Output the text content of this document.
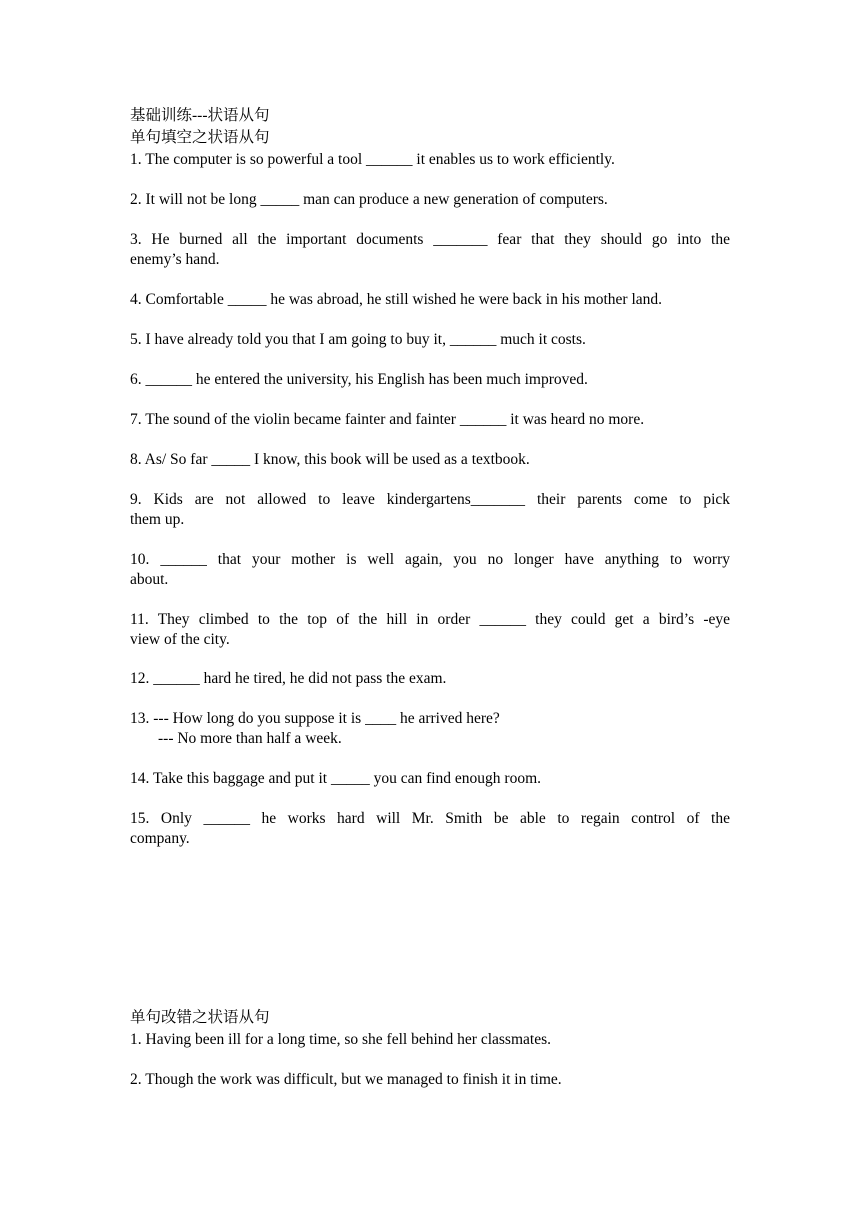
基础训练---状语从句
单句填空之状语从句
1. The computer is so powerful a tool ______ it enables us to work efficiently.
2. It will not be long _____ man can produce a new generation of computers.
3. He burned all the important documents _______ fear that they should go into the
enemy’s hand.
4. Comfortable _____ he was abroad, he still wished he were back in his mother land.
5. I have already told you that I am going to buy it, ______ much it costs.
6. ______ he entered the university, his English has been much improved.
7. The sound of the violin became fainter and fainter ______ it was heard no more.
8. As/ So far _____ I know, this book will be used as a textbook.
9. Kids are not allowed to leave kindergartens_______ their parents come to pick
them up.
10. ______ that your mother is well again, you no longer have anything to worry
about.
11. They climbed to the top of the hill in order ______ they could get a bird’s -eye
view of the city.
12. ______ hard he tired, he did not pass the exam.
13. --- How long do you suppose it is ____ he arrived here?
--- No more than half a week.
14. Take this baggage and put it _____ you can find enough room.
15. Only ______ he works hard will Mr. Smith be able to regain control of the
company.
单句改错之状语从句
1. Having been ill for a long time, so she fell behind her classmates.
2. Though the work was difficult, but we managed to finish it in time.
